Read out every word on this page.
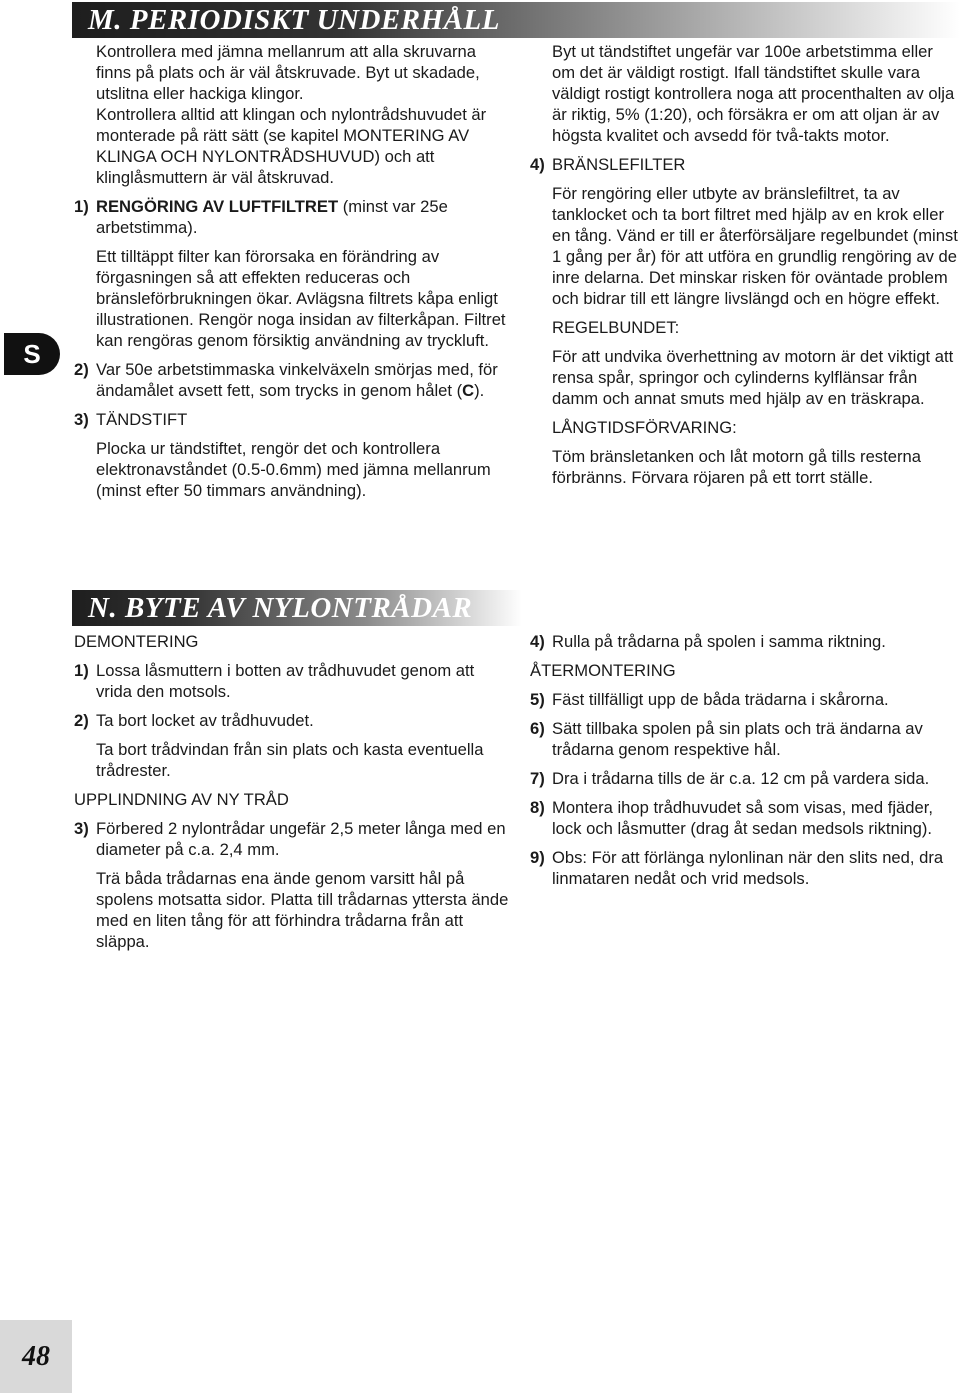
S
48
M. PERIODISKT UNDERHÅLL

Kontrollera med jämna mellanrum att alla skruvarna finns på plats och är väl åtskruvade. Byt ut skadade, utslitna eller hackiga klingor.

Kontrollera alltid att klingan och nylontrådshuvudet är monterade på rätt sätt (se kapitel MONTERING AV KLINGA OCH NYLONTRÅDSHUVUD) och att klinglåsmuttern är väl åtskruvad.

1) RENGÖRING AV LUFTFILTRET (minst var 25e arbetstimma).

Ett tilltäppt filter kan förorsaka en förändring av förgasningen så att effekten reduceras och bränsleförbrukningen ökar. Avlägsna filtrets kåpa enligt illustrationen. Rengör noga insidan av filterkåpan. Filtret kan rengöras genom försiktig användning av tryckluft.

2) Var 50e arbetstimmaska vinkelväxeln smörjas med, för ändamålet avsett fett, som trycks in genom hålet (C).

3) TÄNDSTIFT

Plocka ur tändstiftet, rengör det och kontrollera elektronavståndet (0.5-0.6mm) med jämna mellanrum (minst efter 50 timmars användning).

Byt ut tändstiftet ungefär var 100e arbetstimma eller om det är väldigt rostigt. Ifall tändstiftet skulle vara väldigt rostigt kontrollera noga att procenthalten av olja är riktig, 5% (1:20), och försäkra er om att oljan är av högsta kvalitet och avsedd för två-takts motor.

4) BRÄNSLEFILTER

För rengöring eller utbyte av bränslefiltret, ta av tanklocket och ta bort filtret med hjälp av en krok eller en tång. Vänd er till er återförsäljare regelbundet (minst 1 gång per år) för att utföra en grundlig rengöring av de inre delarna. Det minskar risken för oväntade problem och bidrar till ett längre livslängd och en högre effekt.

REGELBUNDET:

För att undvika överhettning av motorn är det viktigt att rensa spår, springor och cylinderns kylflänsar från damm och annat smuts med hjälp av en träskrapa.

LÅNGTIDSFÖRVARING:

Töm bränsletanken och låt motorn gå tills resterna förbränns. Förvara röjaren på ett torrt ställe.

N. BYTE AV NYLONTRÅDAR

DEMONTERING

1) Lossa låsmuttern i botten av trådhuvudet genom att vrida den motsols.

2) Ta bort locket av trådhuvudet.

Ta bort trådvindan från sin plats och kasta eventuella trådrester.

UPPLINDNING AV NY TRÅD

3) Förbered 2 nylontrådar ungefär 2,5 meter långa med en diameter på c.a. 2,4 mm.

Trä båda trådarnas ena ände genom varsitt hål på spolens motsatta sidor. Platta till trådarnas yttersta ände med en liten tång för att förhindra trådarna från att släppa.

4) Rulla på trådarna på spolen i samma riktning.

ÅTERMONTERING

5) Fäst tillfälligt upp de båda trädarna i skårorna.

6) Sätt tillbaka spolen på sin plats och trä ändarna av trådarna genom respektive hål.

7) Dra i trådarna tills de är c.a. 12 cm på vardera sida.

8) Montera ihop trådhuvudet så som visas, med fjäder, lock och låsmutter (drag åt sedan medsols riktning).

9) Obs: För att förlänga nylonlinan när den slits ned, dra linmataren nedåt och vrid medsols.
